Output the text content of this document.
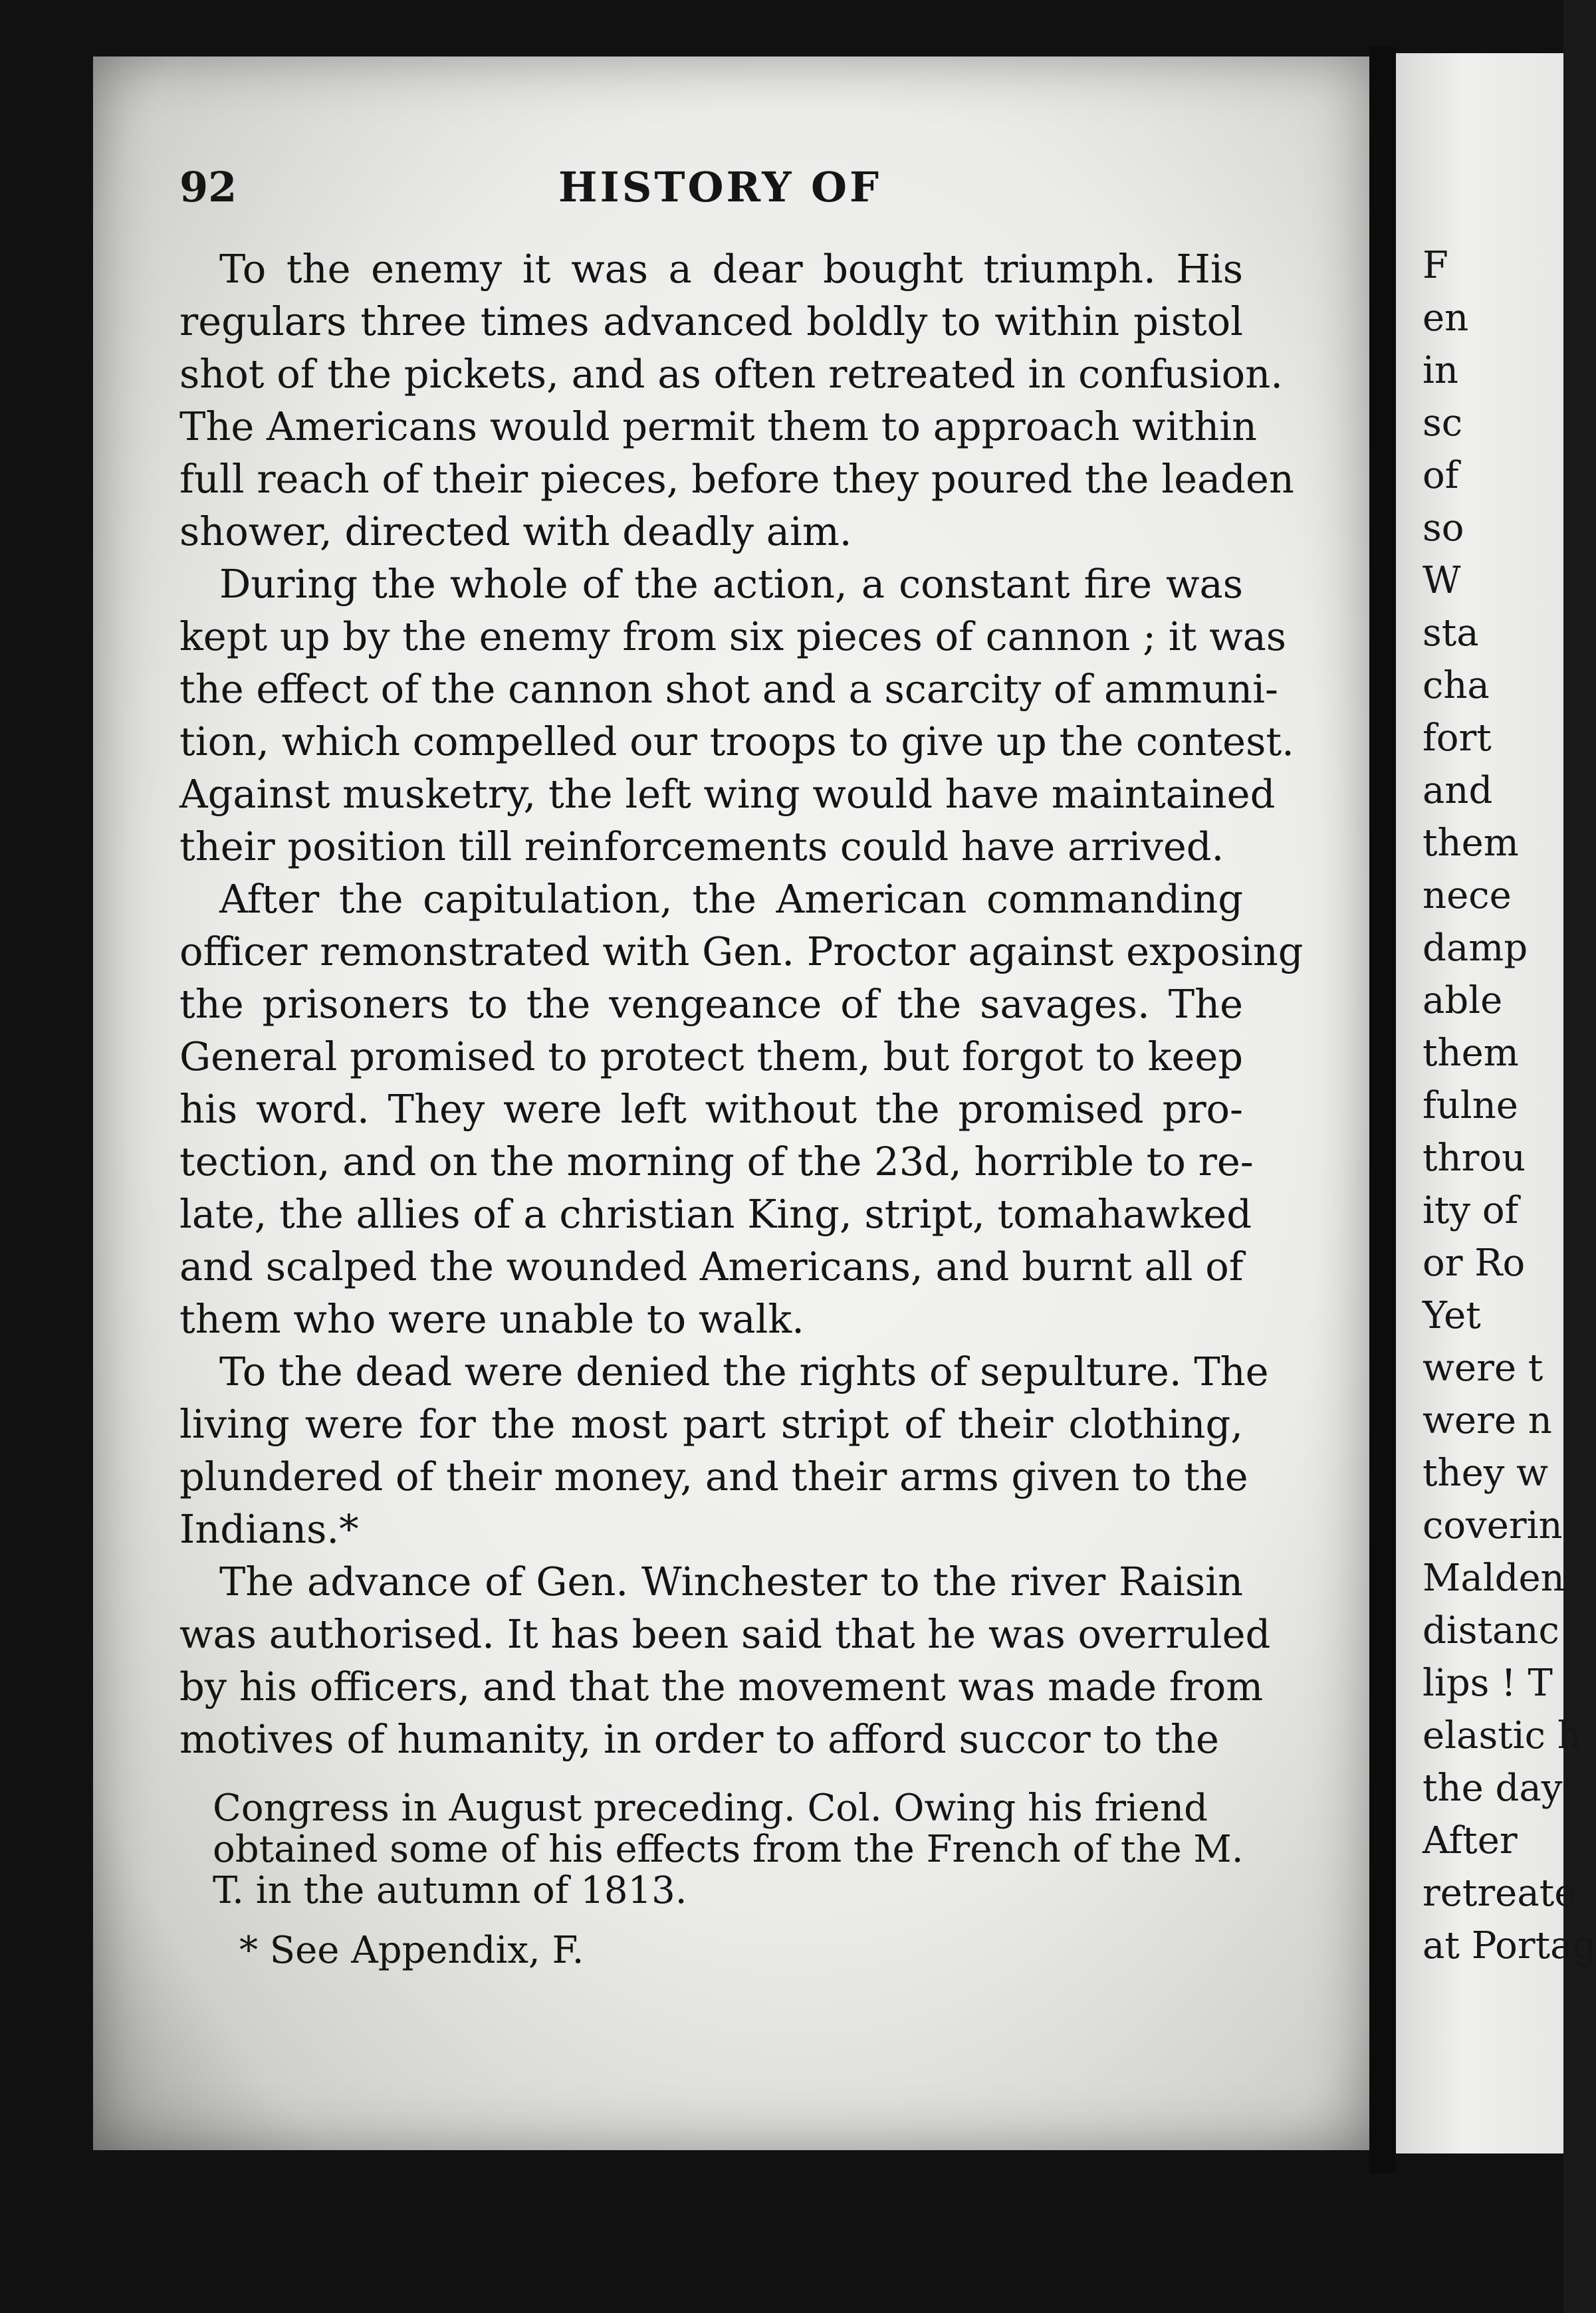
92	HISTORY OF

To the enemy it was a dear bought triumph. His
regulars three times advanced boldly to within pistol
shot of the pickets, and as often retreated in confusion.
The Americans would permit them to approach within
full reach of their pieces, before they poured the leaden
shower, directed with deadly aim.

During the whole of the action, a constant fire was
kept up by the enemy from six pieces of cannon ; it was
the effect of the cannon shot and a scarcity of ammuni-
tion, which compelled our troops to give up the contest.
Against musketry, the left wing would have maintained
their position till reinforcements could have arrived.

After the capitulation, the American commanding
officer remonstrated with Gen. Proctor against exposing
the prisoners to the vengeance of the savages. The
General promised to protect them, but forgot to keep
his word. They were left without the promised pro-
tection, and on the morning of the 23d, horrible to re-
late, the allies of a christian King, stript, tomahawked
and scalped the wounded Americans, and burnt all of
them who were unable to walk.

To the dead were denied the rights of sepulture. The
living were for the most part stript of their clothing,
plundered of their money, and their arms given to the
Indians.*

The advance of Gen. Winchester to the river Raisin
was authorised. It has been said that he was overruled
by his officers, and that the movement was made from
motives of humanity, in order to afford succor to the

Congress in August preceding. Col. Owing his friend
obtained some of his effects from the French of the M.
T. in the autumn of 1813.
* See Appendix, F.
F
en
in
sc
of
so
W
sta
cha
fort
and
them
nece
damp
able
them
fulne
throu
ity of
or Ro
Yet
were t
were n
they w
coverin
Malden
distanc
lips ! T
elastic h
the day
After
retreate
at Portag
